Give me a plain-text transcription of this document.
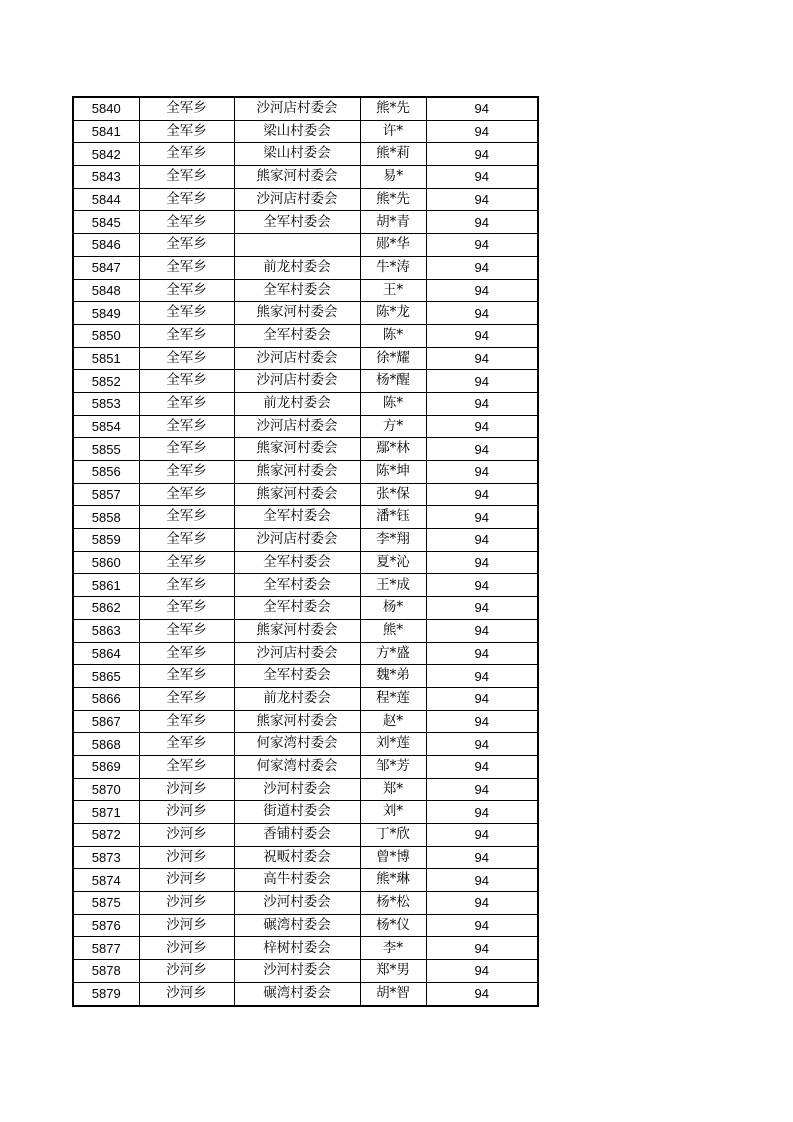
5840	全军乡	沙河店村委会	熊*先	94
5841	全军乡	梁山村委会	许*	94
5842	全军乡	梁山村委会	熊*莉	94
5843	全军乡	熊家河村委会	易*	94
5844	全军乡	沙河店村委会	熊*先	94
5845	全军乡	全军村委会	胡*青	94
5846	全军乡		郧*华	94
5847	全军乡	前龙村委会	牛*涛	94
5848	全军乡	全军村委会	王*	94
5849	全军乡	熊家河村委会	陈*龙	94
5850	全军乡	全军村委会	陈*	94
5851	全军乡	沙河店村委会	徐*耀	94
5852	全军乡	沙河店村委会	杨*醒	94
5853	全军乡	前龙村委会	陈*	94
5854	全军乡	沙河店村委会	方*	94
5855	全军乡	熊家河村委会	鄢*林	94
5856	全军乡	熊家河村委会	陈*坤	94
5857	全军乡	熊家河村委会	张*保	94
5858	全军乡	全军村委会	潘*钰	94
5859	全军乡	沙河店村委会	李*翔	94
5860	全军乡	全军村委会	夏*沁	94
5861	全军乡	全军村委会	王*成	94
5862	全军乡	全军村委会	杨*	94
5863	全军乡	熊家河村委会	熊*	94
5864	全军乡	沙河店村委会	方*盛	94
5865	全军乡	全军村委会	魏*弟	94
5866	全军乡	前龙村委会	程*莲	94
5867	全军乡	熊家河村委会	赵*	94
5868	全军乡	何家湾村委会	刘*莲	94
5869	全军乡	何家湾村委会	邹*芳	94
5870	沙河乡	沙河村委会	郑*	94
5871	沙河乡	街道村委会	刘*	94
5872	沙河乡	香铺村委会	丁*欣	94
5873	沙河乡	祝畈村委会	曾*博	94
5874	沙河乡	高牛村委会	熊*琳	94
5875	沙河乡	沙河村委会	杨*松	94
5876	沙河乡	碾湾村委会	杨*仪	94
5877	沙河乡	梓树村委会	李*	94
5878	沙河乡	沙河村委会	郑*男	94
5879	沙河乡	碾湾村委会	胡*智	94
